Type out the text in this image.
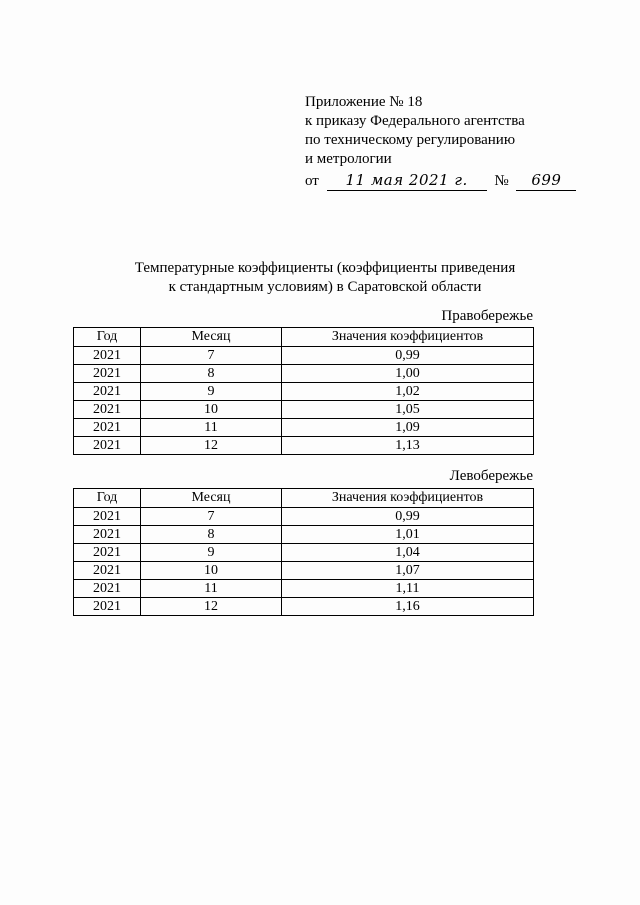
Приложение № 18
к приказу Федерального агентства
по техническому регулированию
и метрологии
от 11 мая 2021 г. № 699
Температурные коэффициенты (коэффициенты приведения
к стандартным условиям) в Саратовской области
Правобережье
Год	Месяц	Значения коэффициентов
2021	7	0,99
2021	8	1,00
2021	9	1,02
2021	10	1,05
2021	11	1,09
2021	12	1,13
Левобережье
Год	Месяц	Значения коэффициентов
2021	7	0,99
2021	8	1,01
2021	9	1,04
2021	10	1,07
2021	11	1,11
2021	12	1,16
